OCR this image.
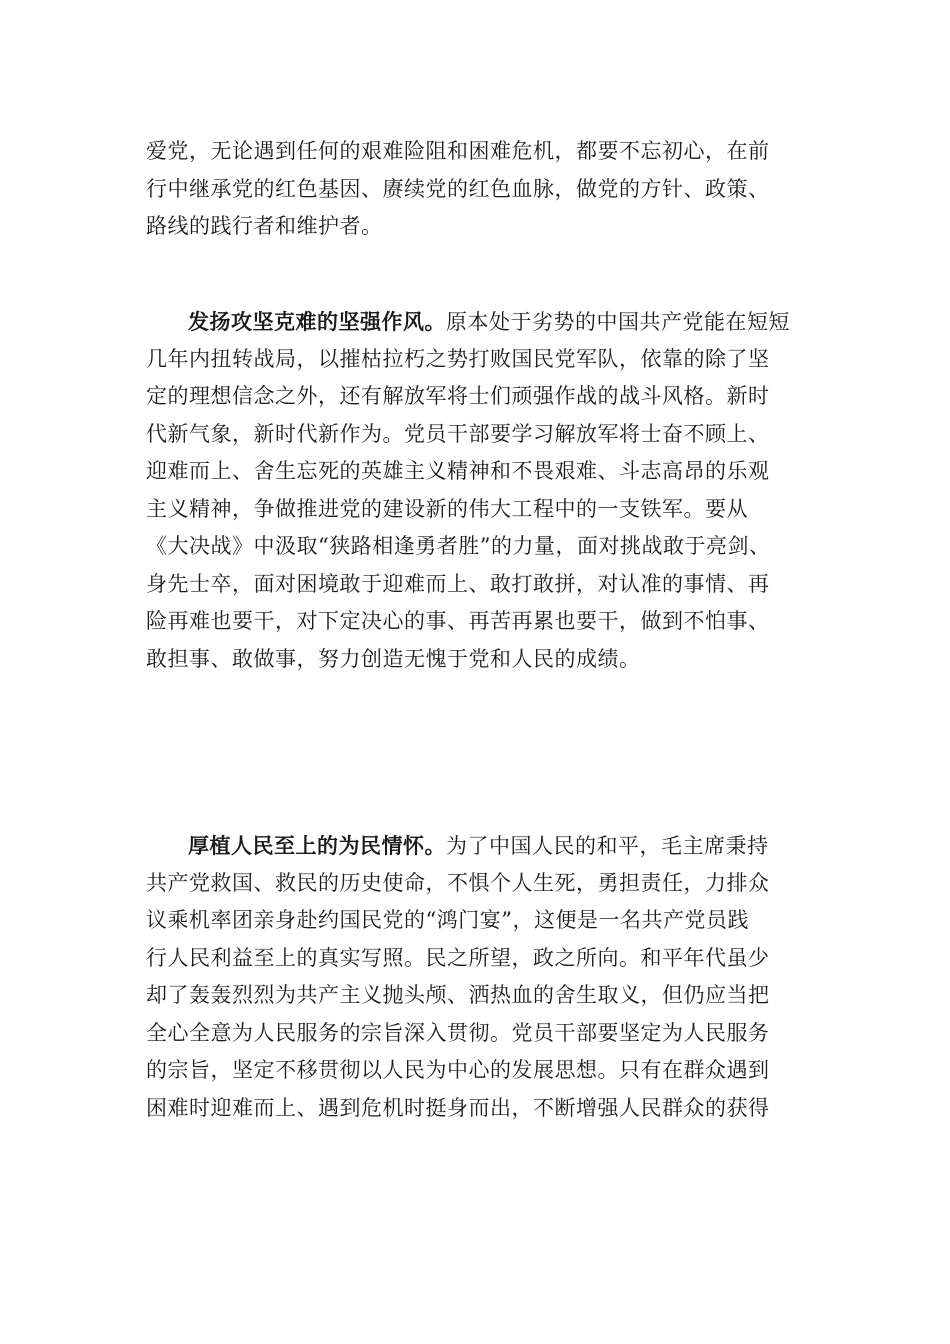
爱党，无论遇到任何的艰难险阻和困难危机，都要不忘初心，在前
行中继承党的红色基因、赓续党的红色血脉，做党的方针、政策、
路线的践行者和维护者。
发扬攻坚克难的坚强作风。原本处于劣势的中国共产党能在短短
几年内扭转战局，以摧枯拉朽之势打败国民党军队，依靠的除了坚
定的理想信念之外，还有解放军将士们顽强作战的战斗风格。新时
代新气象，新时代新作为。党员干部要学习解放军将士奋不顾上、
迎难而上、舍生忘死的英雄主义精神和不畏艰难、斗志高昂的乐观
主义精神，争做推进党的建设新的伟大工程中的一支铁军。要从
《大决战》中汲取“狭路相逢勇者胜”的力量，面对挑战敢于亮剑、
身先士卒，面对困境敢于迎难而上、敢打敢拼，对认准的事情、再
险再难也要干，对下定决心的事、再苦再累也要干，做到不怕事、
敢担事、敢做事，努力创造无愧于党和人民的成绩。
厚植人民至上的为民情怀。为了中国人民的和平，毛主席秉持
共产党救国、救民的历史使命，不惧个人生死，勇担责任，力排众
议乘机率团亲身赴约国民党的“鸿门宴”，这便是一名共产党员践
行人民利益至上的真实写照。民之所望，政之所向。和平年代虽少
却了轰轰烈烈为共产主义抛头颅、洒热血的舍生取义，但仍应当把
全心全意为人民服务的宗旨深入贯彻。党员干部要坚定为人民服务
的宗旨，坚定不移贯彻以人民为中心的发展思想。只有在群众遇到
困难时迎难而上、遇到危机时挺身而出，不断增强人民群众的获得
